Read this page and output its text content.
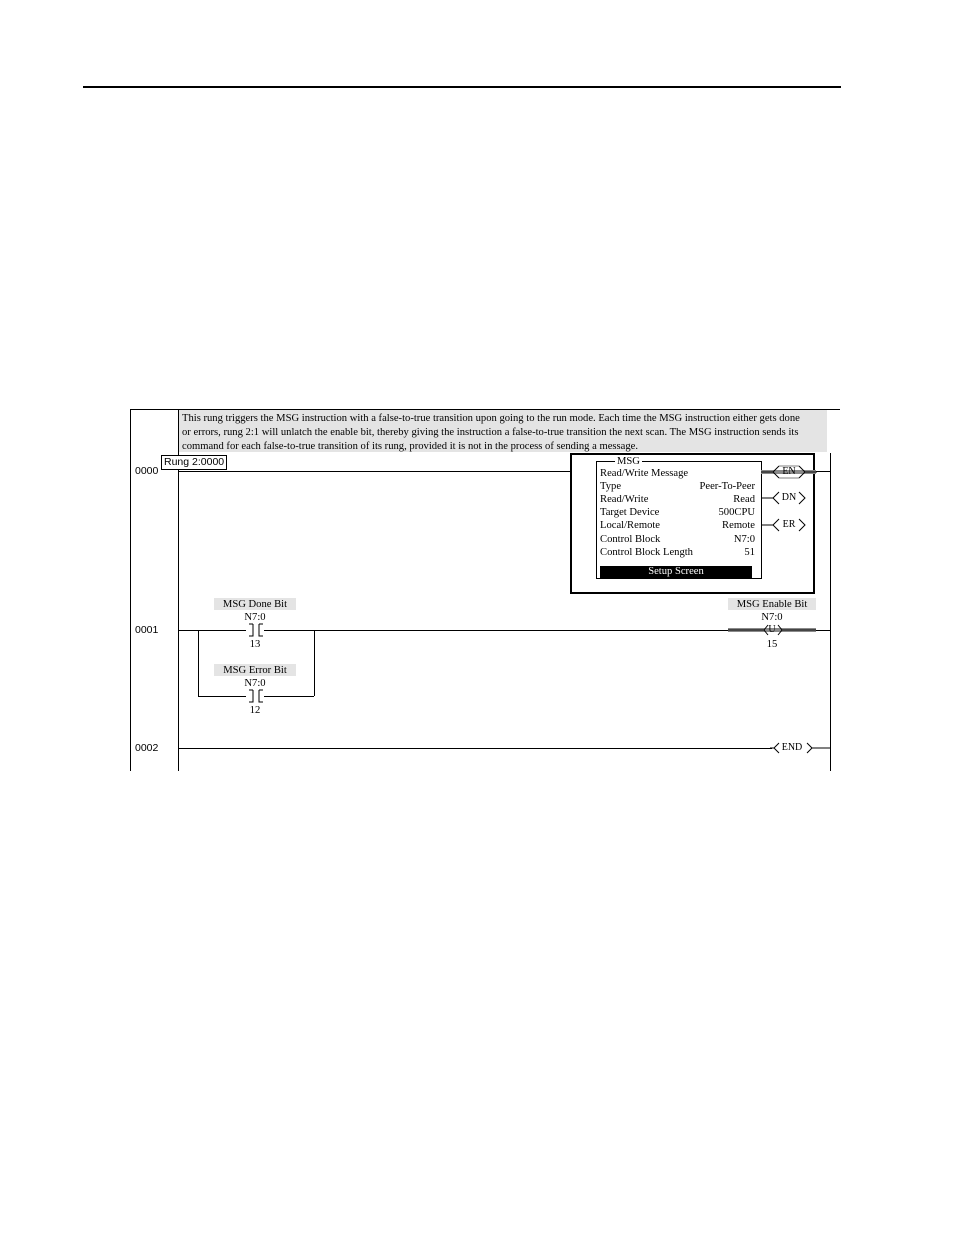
This rung triggers the MSG instruction with a false-to-true transition upon going to the run mode. Each time the MSG instruction either gets done
or errors, rung 2:1 will unlatch the enable bit, thereby giving the instruction a false-to-true transition the next scan. The MSG instruction sends its
command for each false-to-true transition of its rung, provided it is not in the process of sending a message.
Rung 2:0000
0000
0001
0002
MSG
Read/Write Message
Type	Peer-To-Peer
Read/Write	Read
Target Device	500CPU
Local/Remote	Remote
Control Block	N7:0
Control Block Length	51
Setup Screen
EN
DN
ER
MSG Done Bit
N7:0
13
MSG Error Bit
N7:0
12
MSG Enable Bit
N7:0
U
15
END
